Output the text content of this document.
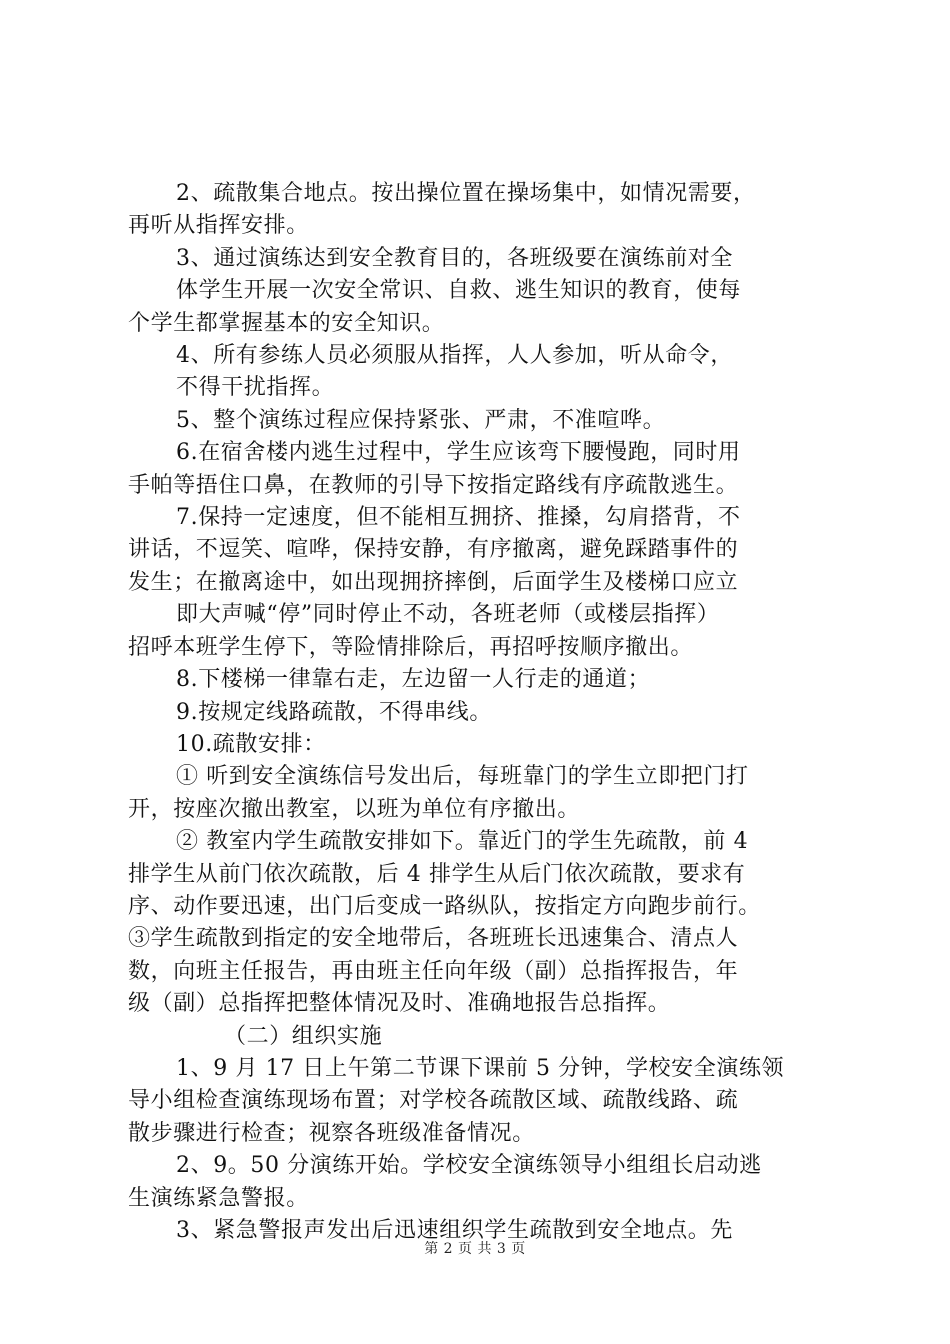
2、疏散集合地点。按出操位置在操场集中，如情况需要，
再听从指挥安排。
3、通过演练达到安全教育目的，各班级要在演练前对全
体学生开展一次安全常识、自救、逃生知识的教育，使每
个学生都掌握基本的安全知识。
4、所有参练人员必须服从指挥，人人参加，听从命令，
不得干扰指挥。
5、整个演练过程应保持紧张、严肃，不准喧哗。
6.在宿舍楼内逃生过程中，学生应该弯下腰慢跑，同时用
手帕等捂住口鼻，在教师的引导下按指定路线有序疏散逃生。
7.保持一定速度，但不能相互拥挤、推搡，勾肩搭背，不
讲话，不逗笑、喧哗，保持安静，有序撤离，避免踩踏事件的
发生；在撤离途中，如出现拥挤摔倒，后面学生及楼梯口应立
即大声喊“停”同时停止不动，各班老师（或楼层指挥）
招呼本班学生停下，等险情排除后，再招呼按顺序撤出。
8.下楼梯一律靠右走，左边留一人行走的通道；
9.按规定线路疏散，不得串线。
10.疏散安排：
① 听到安全演练信号发出后，每班靠门的学生立即把门打
开，按座次撤出教室，以班为单位有序撤出。
② 教室内学生疏散安排如下。靠近门的学生先疏散，前 4
排学生从前门依次疏散，后 4 排学生从后门依次疏散，要求有
序、动作要迅速，出门后变成一路纵队，按指定方向跑步前行。
③学生疏散到指定的安全地带后，各班班长迅速集合、清点人
数，向班主任报告，再由班主任向年级（副）总指挥报告，年
级（副）总指挥把整体情况及时、准确地报告总指挥。
（二）组织实施
1、9 月 17 日上午第二节课下课前 5 分钟，学校安全演练领
导小组检查演练现场布置；对学校各疏散区域、疏散线路、疏
散步骤进行检查；视察各班级准备情况。
2、9。50 分演练开始。学校安全演练领导小组组长启动逃
生演练紧急警报。
3、紧急警报声发出后迅速组织学生疏散到安全地点。先
第 2 页 共 3 页
